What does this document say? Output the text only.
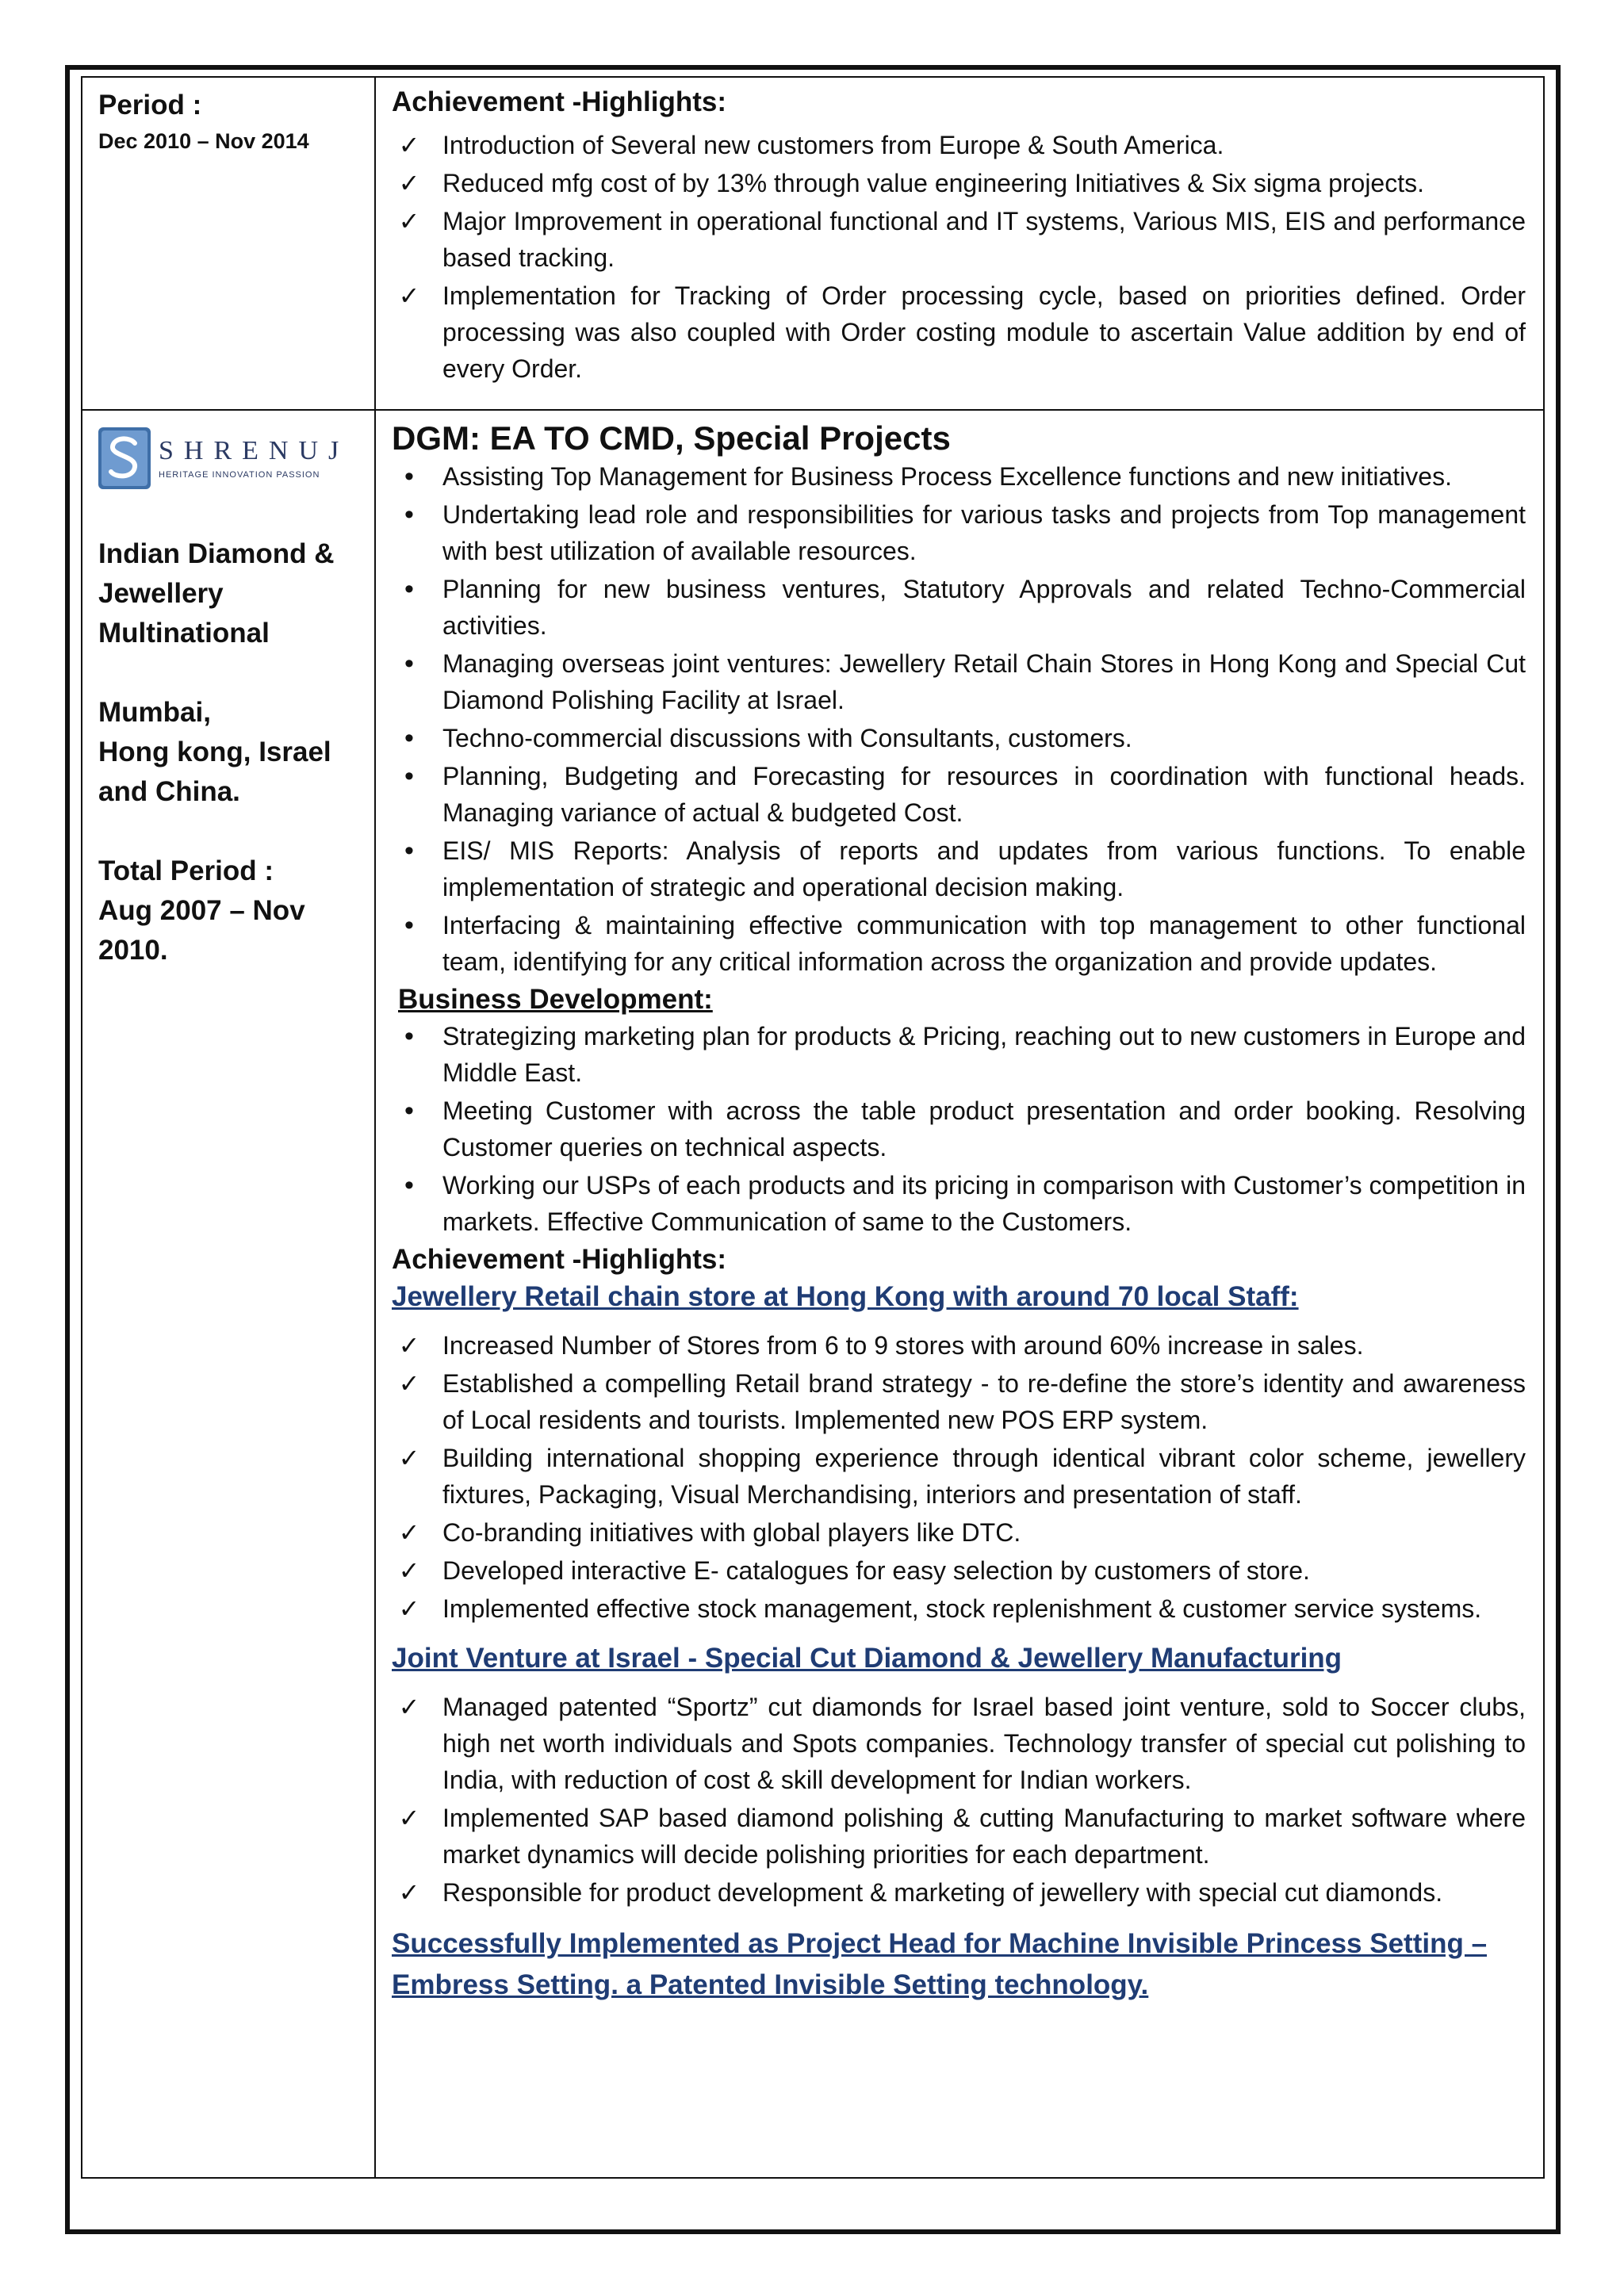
Period :
Dec 2010 – Nov 2014
Achievement -Highlights:
✓
Introduction of Several new customers from Europe & South America.
✓
Reduced mfg cost of by 13% through value engineering Initiatives & Six sigma projects.
✓
Major Improvement in operational functional and IT systems, Various MIS, EIS and performance based tracking.
✓
Implementation for Tracking of Order processing cycle, based on priorities defined. Order processing was also coupled with Order costing module to ascertain Value addition by end of every Order.
SHRENUJ
HERITAGE INNOVATION PASSION
Indian Diamond &
Jewellery
Multinational
Mumbai,
Hong kong, Israel
and China.
Total Period :
Aug 2007 – Nov
2010.
DGM: EA TO CMD, Special Projects
•
Assisting Top Management for Business Process Excellence functions and new initiatives.
•
Undertaking lead role and responsibilities for various tasks and projects from Top management with best utilization of available resources.
•
Planning for new business ventures, Statutory Approvals and related Techno-Commercial activities.
•
Managing overseas joint ventures: Jewellery Retail Chain Stores in Hong Kong and Special Cut Diamond Polishing Facility at Israel.
•
Techno-commercial discussions with Consultants, customers.
•
Planning, Budgeting and Forecasting for resources in coordination with functional heads. Managing variance of actual & budgeted Cost.
•
EIS/ MIS Reports: Analysis of reports and updates from various functions. To enable implementation of strategic and operational decision making.
•
Interfacing & maintaining effective communication with top management to other functional team, identifying for any critical information across the organization and provide updates.
Business Development:
•
Strategizing marketing plan for products & Pricing, reaching out to new customers in Europe and Middle East.
•
Meeting Customer with across the table product presentation and order booking. Resolving Customer queries on technical aspects.
•
Working our USPs of each products and its pricing in comparison with Customer’s competition in markets. Effective Communication of same to the Customers.
Achievement -Highlights:
Jewellery Retail chain store at Hong Kong with around 70 local Staff:
✓
Increased Number of Stores from 6 to 9 stores with around 60% increase in sales.
✓
Established a compelling Retail brand strategy - to re-define the store’s identity and awareness of Local residents and tourists. Implemented new POS ERP system.
✓
Building international shopping experience through identical vibrant color scheme, jewellery fixtures, Packaging, Visual Merchandising, interiors and presentation of staff.
✓
Co-branding initiatives with global players like DTC.
✓
Developed interactive E- catalogues for easy selection by customers of store.
✓
Implemented effective stock management, stock replenishment & customer service systems.
Joint Venture at Israel - Special Cut Diamond & Jewellery Manufacturing
✓
Managed patented “Sportz” cut diamonds for Israel based joint venture, sold to Soccer clubs, high net worth individuals and Spots companies. Technology transfer of special cut polishing to India, with reduction of cost & skill development for Indian workers.
✓
Implemented SAP based diamond polishing & cutting Manufacturing to market software where market dynamics will decide polishing priorities for each department.
✓
Responsible for product development & marketing of jewellery with special cut diamonds.
Successfully Implemented as Project Head for Machine Invisible Princess Setting – Embress Setting. a Patented Invisible Setting technology.
